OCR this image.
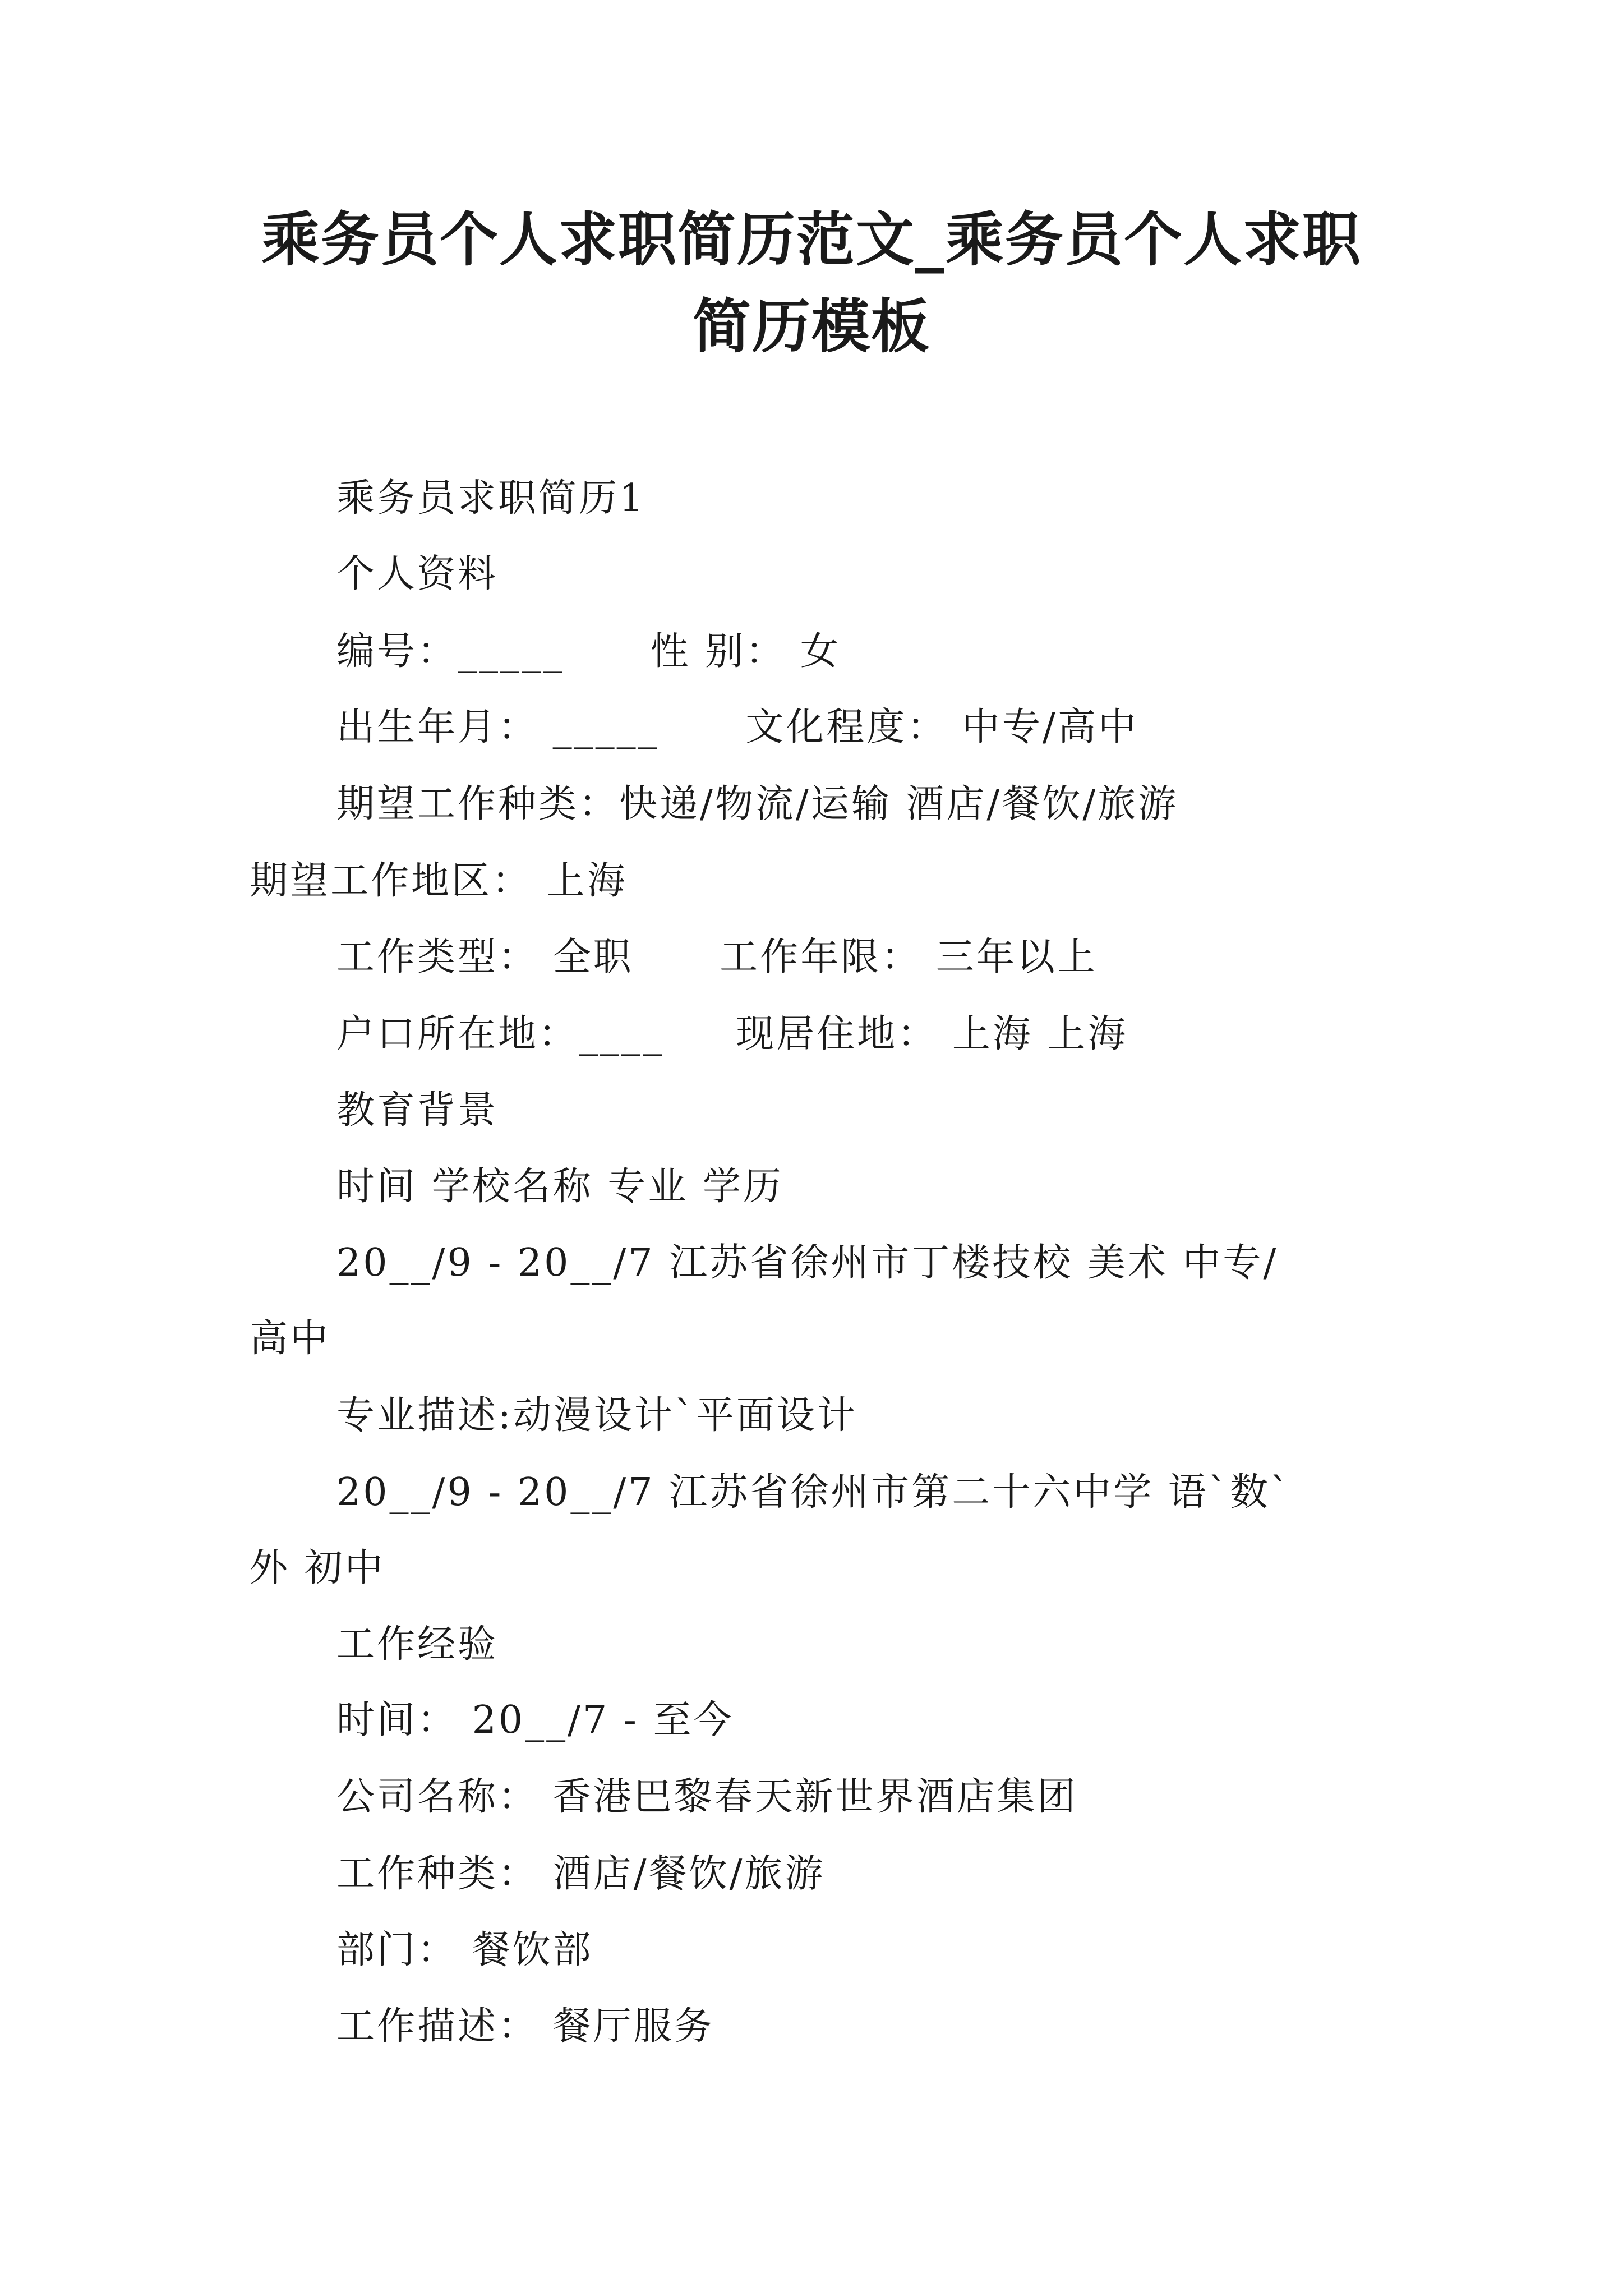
乘务员个人求职简历范文_乘务员个人求职
简历模板
乘务员求职简历1
个人资料
编号：_____      性 别： 女
出生年月： _____      文化程度： 中专/高中
期望工作种类：快递/物流/运输 酒店/餐饮/旅游
期望工作地区： 上海
工作类型： 全职      工作年限： 三年以上
户口所在地：____     现居住地： 上海 上海
教育背景
时间 学校名称 专业 学历
20__/9 - 20__/7 江苏省徐州市丁楼技校 美术 中专/
高中
专业描述:动漫设计`平面设计
20__/9 - 20__/7 江苏省徐州市第二十六中学 语`数`
外 初中
工作经验
时间： 20__/7 - 至今
公司名称： 香港巴黎春天新世界酒店集团
工作种类： 酒店/餐饮/旅游
部门： 餐饮部
工作描述： 餐厅服务
